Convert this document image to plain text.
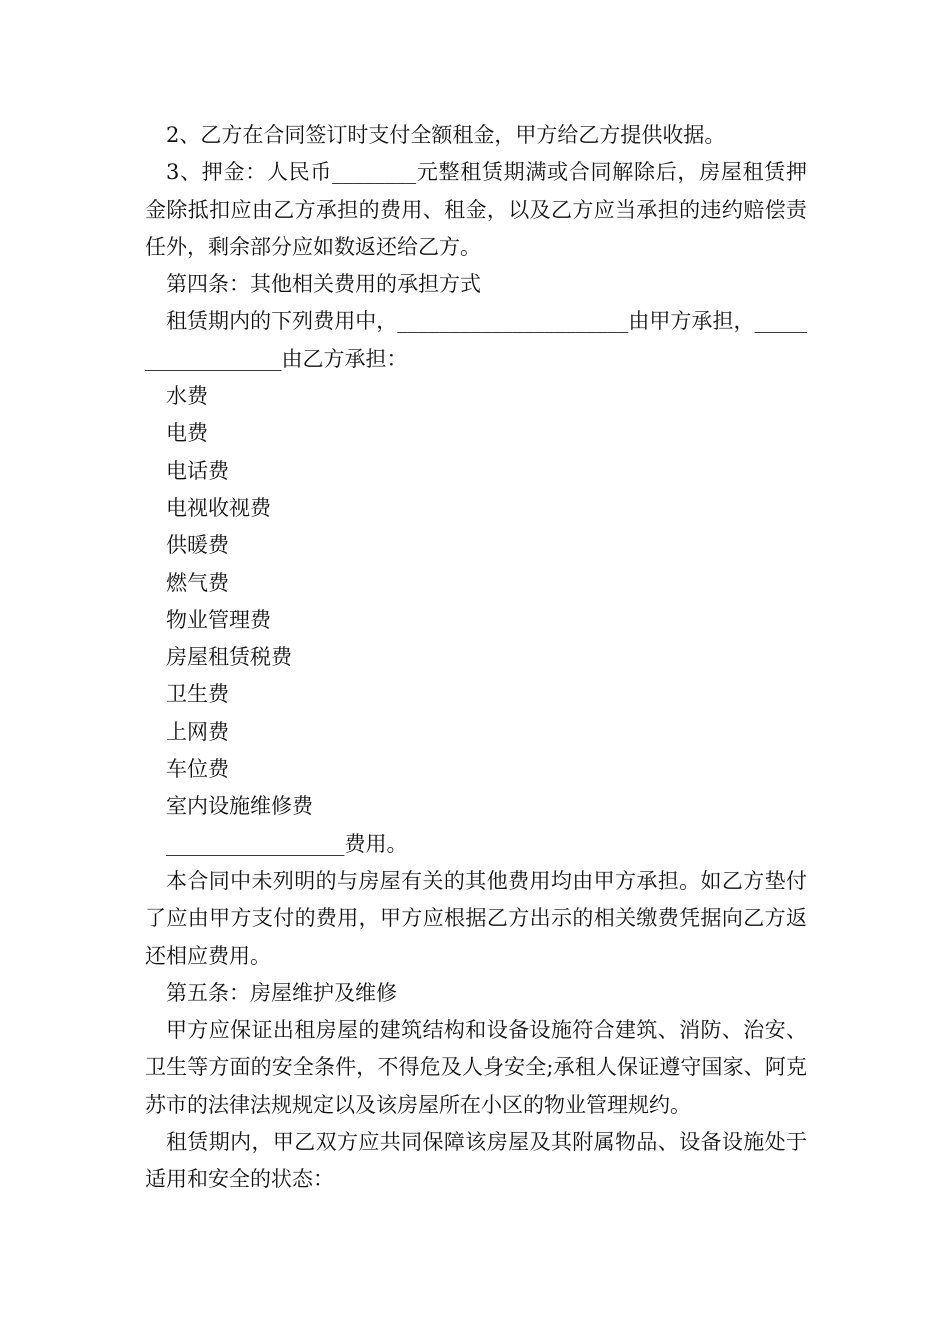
2、乙方在合同签订时支付全额租金，甲方给乙方提供收据。

3、押金：人民币________元整租赁期满或合同解除后，房屋租赁押金除抵扣应由乙方承担的费用、租金，以及乙方应当承担的违约赔偿责任外，剩余部分应如数返还给乙方。

第四条：其他相关费用的承担方式

租赁期内的下列费用中，______________________由甲方承担，__________________由乙方承担：

水费

电费

电话费

电视收视费

供暖费

燃气费

物业管理费

房屋租赁税费

卫生费

上网费

车位费

室内设施维修费

_________________费用。

本合同中未列明的与房屋有关的其他费用均由甲方承担。如乙方垫付了应由甲方支付的费用，甲方应根据乙方出示的相关缴费凭据向乙方返还相应费用。

第五条：房屋维护及维修

甲方应保证出租房屋的建筑结构和设备设施符合建筑、消防、治安、卫生等方面的安全条件，不得危及人身安全;承租人保证遵守国家、阿克苏市的法律法规规定以及该房屋所在小区的物业管理规约。

租赁期内，甲乙双方应共同保障该房屋及其附属物品、设备设施处于适用和安全的状态：
